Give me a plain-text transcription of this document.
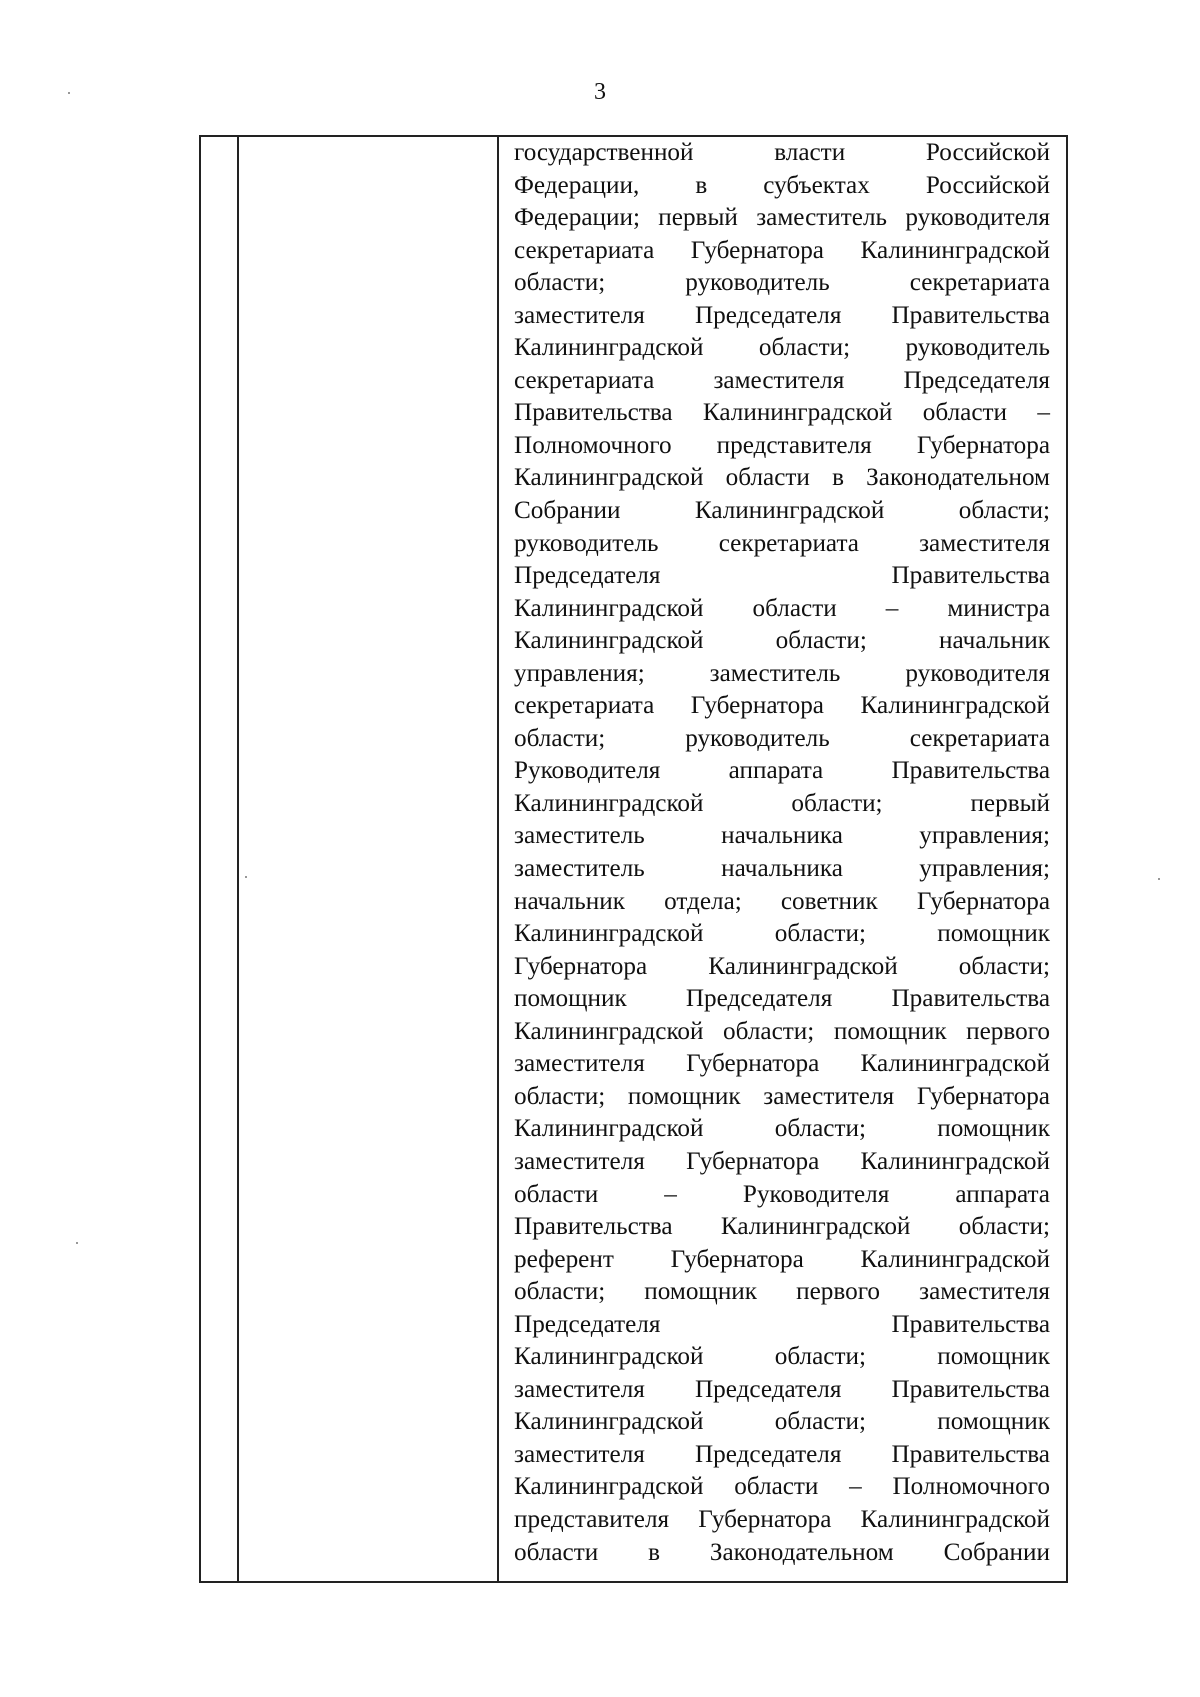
3

государственной власти Российской
Федерации, в субъектах Российской
Федерации; первый заместитель руководителя
секретариата Губернатора Калининградской
области; руководитель секретариата
заместителя Председателя Правительства
Калининградской области; руководитель
секретариата заместителя Председателя
Правительства Калининградской области –
Полномочного представителя Губернатора
Калининградской области в Законодательном
Собрании Калининградской области;
руководитель секретариата заместителя
Председателя Правительства
Калининградской области – министра
Калининградской области; начальник
управления; заместитель руководителя
секретариата Губернатора Калининградской
области; руководитель секретариата
Руководителя аппарата Правительства
Калининградской области; первый
заместитель начальника управления;
заместитель начальника управления;
начальник отдела; советник Губернатора
Калининградской области; помощник
Губернатора Калининградской области;
помощник Председателя Правительства
Калининградской области; помощник первого
заместителя Губернатора Калининградской
области; помощник заместителя Губернатора
Калининградской области; помощник
заместителя Губернатора Калининградской
области – Руководителя аппарата
Правительства Калининградской области;
референт Губернатора Калининградской
области; помощник первого заместителя
Председателя Правительства
Калининградской области; помощник
заместителя Председателя Правительства
Калининградской области; помощник
заместителя Председателя Правительства
Калининградской области – Полномочного
представителя Губернатора Калининградской
области в Законодательном Собрании
